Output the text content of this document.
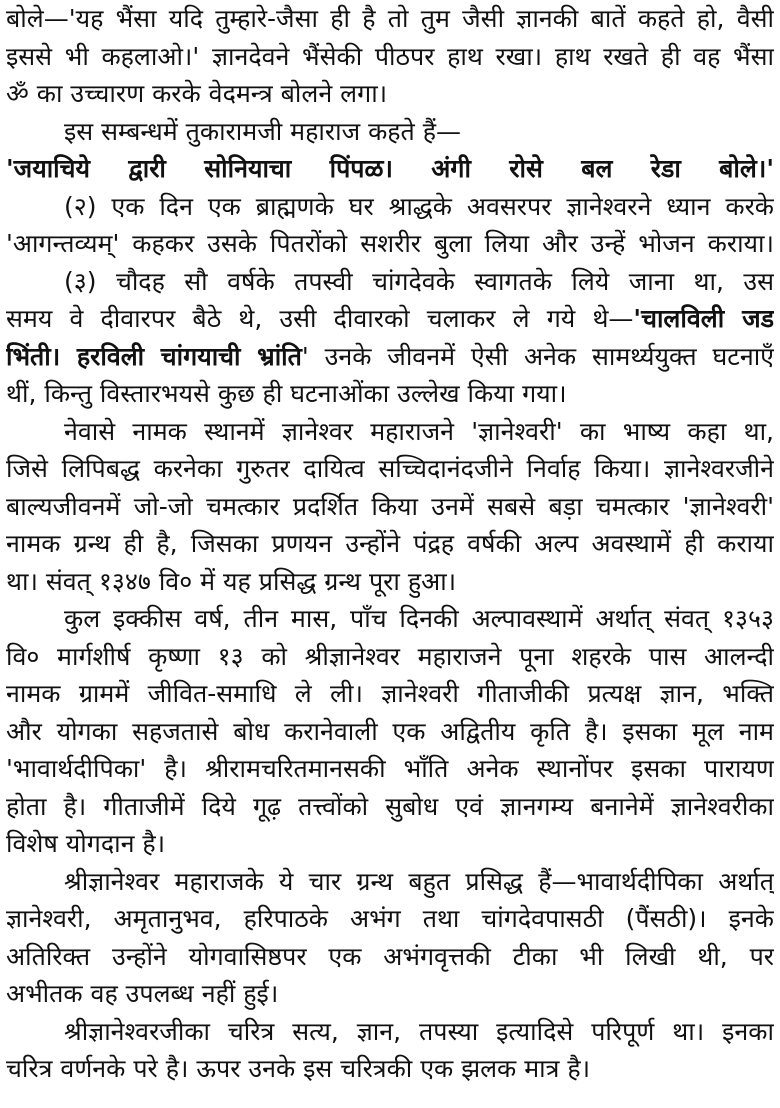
बोले—'यह भैंसा यदि तुम्हारे-जैसा ही है तो तुम जैसी ज्ञानकी बातें कहते हो, वैसी
इससे भी कहलाओ।' ज्ञानदेवने भैंसेकी पीठपर हाथ रखा। हाथ रखते ही वह भैंसा
ॐ का उच्चारण करके वेदमन्त्र बोलने लगा।
इस सम्बन्धमें तुकारामजी महाराज कहते हैं—
'जयाचिये द्वारी सोनियाचा पिंपळ। अंगी रोसे बल रेडा बोले।'
(२) एक दिन एक ब्राह्मणके घर श्राद्धके अवसरपर ज्ञानेश्वरने ध्यान करके
'आगन्तव्यम्' कहकर उसके पितरोंको सशरीर बुला लिया और उन्हें भोजन कराया।
(३) चौदह सौ वर्षके तपस्वी चांगदेवके स्वागतके लिये जाना था, उस
समय वे दीवारपर बैठे थे, उसी दीवारको चलाकर ले गये थे—'चालविली जड
भिंती। हरविली चांगयाची भ्रांति' उनके जीवनमें ऐसी अनेक सामर्थ्ययुक्त घटनाएँ
थीं, किन्तु विस्तारभयसे कुछ ही घटनाओंका उल्लेख किया गया।
नेवासे नामक स्थानमें ज्ञानेश्वर महाराजने 'ज्ञानेश्वरी' का भाष्य कहा था,
जिसे लिपिबद्ध करनेका गुरुतर दायित्व सच्चिदानंदजीने निर्वाह किया। ज्ञानेश्वरजीने
बाल्यजीवनमें जो-जो चमत्कार प्रदर्शित किया उनमें सबसे बड़ा चमत्कार 'ज्ञानेश्वरी'
नामक ग्रन्थ ही है, जिसका प्रणयन उन्होंने पंद्रह वर्षकी अल्प अवस्थामें ही कराया
था। संवत् १३४७ वि० में यह प्रसिद्ध ग्रन्थ पूरा हुआ।
कुल इक्कीस वर्ष, तीन मास, पाँच दिनकी अल्पावस्थामें अर्थात् संवत् १३५३
वि० मार्गशीर्ष कृष्णा १३ को श्रीज्ञानेश्वर महाराजने पूना शहरके पास आलन्दी
नामक ग्राममें जीवित-समाधि ले ली। ज्ञानेश्वरी गीताजीकी प्रत्यक्ष ज्ञान, भक्ति
और योगका सहजतासे बोध करानेवाली एक अद्वितीय कृति है। इसका मूल नाम
'भावार्थदीपिका' है। श्रीरामचरितमानसकी भाँति अनेक स्थानोंपर इसका पारायण
होता है। गीताजीमें दिये गूढ़ तत्त्वोंको सुबोध एवं ज्ञानगम्य बनानेमें ज्ञानेश्वरीका
विशेष योगदान है।
श्रीज्ञानेश्वर महाराजके ये चार ग्रन्थ बहुत प्रसिद्ध हैं—भावार्थदीपिका अर्थात्
ज्ञानेश्वरी, अमृतानुभव, हरिपाठके अभंग तथा चांगदेवपासठी (पैंसठी)। इनके
अतिरिक्त उन्होंने योगवासिष्ठपर एक अभंगवृत्तकी टीका भी लिखी थी, पर
अभीतक वह उपलब्ध नहीं हुई।
श्रीज्ञानेश्वरजीका चरित्र सत्य, ज्ञान, तपस्या इत्यादिसे परिपूर्ण था। इनका
चरित्र वर्णनके परे है। ऊपर उनके इस चरित्रकी एक झलक मात्र है।
